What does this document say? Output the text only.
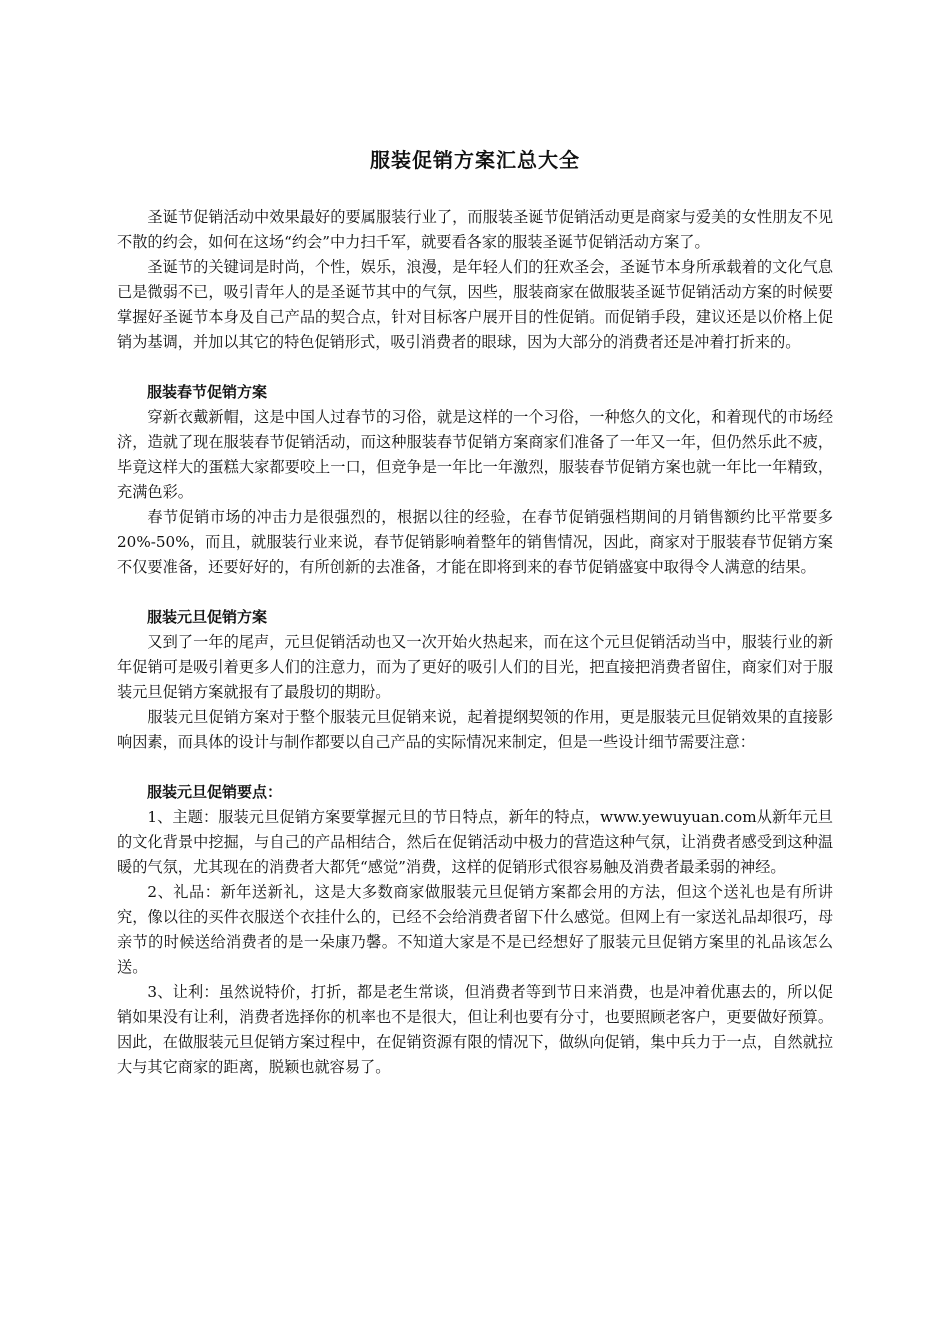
服装促销方案汇总大全

圣诞节促销活动中效果最好的要属服装行业了，而服装圣诞节促销活动更是商家与爱美的女性朋友不见不散的约会，如何在这场“约会”中力扫千军，就要看各家的服装圣诞节促销活动方案了。

圣诞节的关键词是时尚，个性，娱乐，浪漫，是年轻人们的狂欢圣会，圣诞节本身所承载着的文化气息已是微弱不已，吸引青年人的是圣诞节其中的气氛，因些，服装商家在做服装圣诞节促销活动方案的时候要掌握好圣诞节本身及自己产品的契合点，针对目标客户展开目的性促销。而促销手段，建议还是以价格上促销为基调，并加以其它的特色促销形式，吸引消费者的眼球，因为大部分的消费者还是冲着打折来的。

服装春节促销方案

穿新衣戴新帽，这是中国人过春节的习俗，就是这样的一个习俗，一种悠久的文化，和着现代的市场经济，造就了现在服装春节促销活动，而这种服装春节促销方案商家们准备了一年又一年，但仍然乐此不疲，毕竟这样大的蛋糕大家都要咬上一口，但竞争是一年比一年激烈，服装春节促销方案也就一年比一年精致，充满色彩。

春节促销市场的冲击力是很强烈的，根据以往的经验，在春节促销强档期间的月销售额约比平常要多20%-50%，而且，就服装行业来说，春节促销影响着整年的销售情况，因此，商家对于服装春节促销方案不仅要准备，还要好好的，有所创新的去准备，才能在即将到来的春节促销盛宴中取得令人满意的结果。

服装元旦促销方案

又到了一年的尾声，元旦促销活动也又一次开始火热起来，而在这个元旦促销活动当中，服装行业的新年促销可是吸引着更多人们的注意力，而为了更好的吸引人们的目光，把直接把消费者留住，商家们对于服装元旦促销方案就报有了最殷切的期盼。

服装元旦促销方案对于整个服装元旦促销来说，起着提纲契领的作用，更是服装元旦促销效果的直接影响因素，而具体的设计与制作都要以自己产品的实际情况来制定，但是一些设计细节需要注意：

服装元旦促销要点：

1、主题：服装元旦促销方案要掌握元旦的节日特点，新年的特点，www.yewuyuan.com从新年元旦的文化背景中挖掘，与自己的产品相结合，然后在促销活动中极力的营造这种气氛，让消费者感受到这种温暖的气氛，尤其现在的消费者大都凭“感觉”消费，这样的促销形式很容易触及消费者最柔弱的神经。

2、礼品：新年送新礼，这是大多数商家做服装元旦促销方案都会用的方法，但这个送礼也是有所讲究，像以往的买件衣服送个衣挂什么的，已经不会给消费者留下什么感觉。但网上有一家送礼品却很巧，母亲节的时候送给消费者的是一朵康乃馨。不知道大家是不是已经想好了服装元旦促销方案里的礼品该怎么送。

3、让利：虽然说特价，打折，都是老生常谈，但消费者等到节日来消费，也是冲着优惠去的，所以促销如果没有让利，消费者选择你的机率也不是很大，但让利也要有分寸，也要照顾老客户，更要做好预算。因此，在做服装元旦促销方案过程中，在促销资源有限的情况下，做纵向促销，集中兵力于一点，自然就拉大与其它商家的距离，脱颖也就容易了。
